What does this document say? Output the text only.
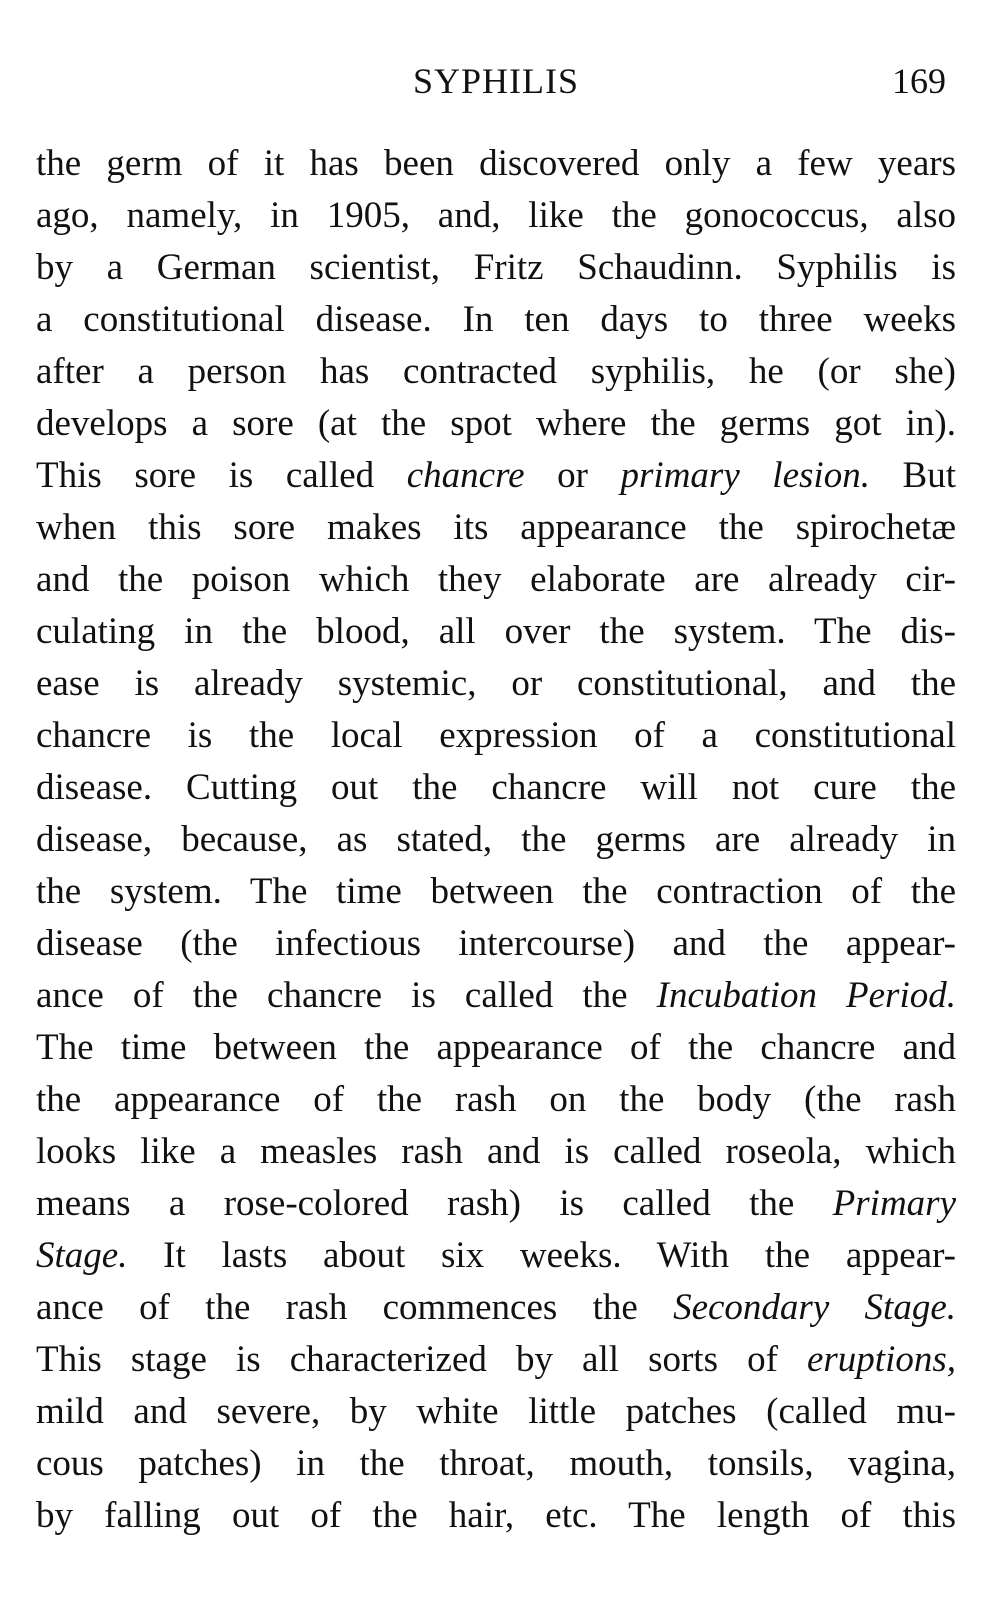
SYPHILIS	169
the germ of it has been discovered only a few years
ago, namely, in 1905, and, like the gonococcus, also
by a German scientist, Fritz Schaudinn. Syphilis is
a constitutional disease. In ten days to three weeks
after a person has contracted syphilis, he (or she)
develops a sore (at the spot where the germs got in).
This sore is called chancre or primary lesion. But
when this sore makes its appearance the spirochetæ
and the poison which they elaborate are already cir-
culating in the blood, all over the system. The dis-
ease is already systemic, or constitutional, and the
chancre is the local expression of a constitutional
disease. Cutting out the chancre will not cure the
disease, because, as stated, the germs are already in
the system. The time between the contraction of the
disease (the infectious intercourse) and the appear-
ance of the chancre is called the Incubation Period.
The time between the appearance of the chancre and
the appearance of the rash on the body (the rash
looks like a measles rash and is called roseola, which
means a rose-colored rash) is called the Primary
Stage. It lasts about six weeks. With the appear-
ance of the rash commences the Secondary Stage.
This stage is characterized by all sorts of eruptions,
mild and severe, by white little patches (called mu-
cous patches) in the throat, mouth, tonsils, vagina,
by falling out of the hair, etc. The length of this
